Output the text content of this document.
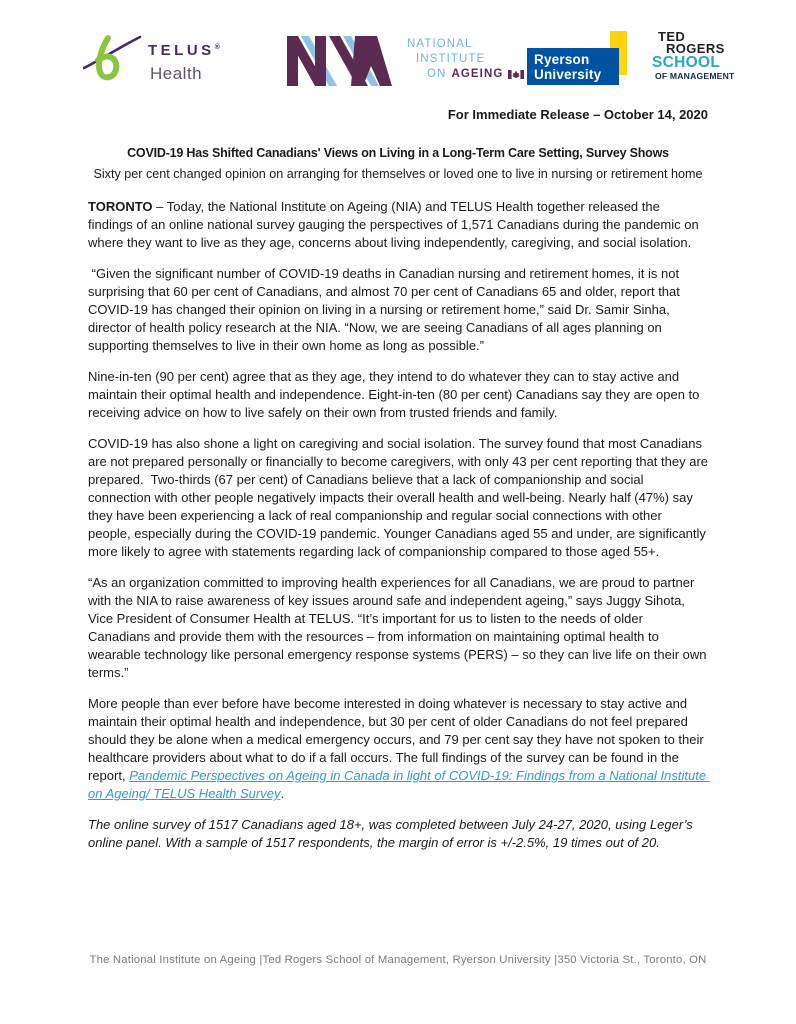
TELUS®
Health
NATIONAL
INSTITUTE
ON AGEING
Ryerson
University
TED
ROGERS
SCHOOL
OF MANAGEMENT

For Immediate Release – October 14, 2020

COVID-19 Has Shifted Canadians' Views on Living in a Long-Term Care Setting, Survey Shows
Sixty per cent changed opinion on arranging for themselves or loved one to live in nursing or retirement home

TORONTO – Today, the National Institute on Ageing (NIA) and TELUS Health together released the findings of an online national survey gauging the perspectives of 1,571 Canadians during the pandemic on where they want to live as they age, concerns about living independently, caregiving, and social isolation.

“Given the significant number of COVID-19 deaths in Canadian nursing and retirement homes, it is not surprising that 60 per cent of Canadians, and almost 70 per cent of Canadians 65 and older, report that COVID-19 has changed their opinion on living in a nursing or retirement home,” said Dr. Samir Sinha, director of health policy research at the NIA. “Now, we are seeing Canadians of all ages planning on supporting themselves to live in their own home as long as possible.”

Nine-in-ten (90 per cent) agree that as they age, they intend to do whatever they can to stay active and maintain their optimal health and independence. Eight-in-ten (80 per cent) Canadians say they are open to receiving advice on how to live safely on their own from trusted friends and family.

COVID-19 has also shone a light on caregiving and social isolation. The survey found that most Canadians are not prepared personally or financially to become caregivers, with only 43 per cent reporting that they are prepared.  Two-thirds (67 per cent) of Canadians believe that a lack of companionship and social connection with other people negatively impacts their overall health and well-being. Nearly half (47%) say they have been experiencing a lack of real companionship and regular social connections with other people, especially during the COVID-19 pandemic. Younger Canadians aged 55 and under, are significantly more likely to agree with statements regarding lack of companionship compared to those aged 55+.

“As an organization committed to improving health experiences for all Canadians, we are proud to partner with the NIA to raise awareness of key issues around safe and independent ageing,” says Juggy Sihota, Vice President of Consumer Health at TELUS. “It’s important for us to listen to the needs of older Canadians and provide them with the resources – from information on maintaining optimal health to wearable technology like personal emergency response systems (PERS) – so they can live life on their own terms.”

More people than ever before have become interested in doing whatever is necessary to stay active and maintain their optimal health and independence, but 30 per cent of older Canadians do not feel prepared should they be alone when a medical emergency occurs, and 79 per cent say they have not spoken to their healthcare providers about what to do if a fall occurs. The full findings of the survey can be found in the report, Pandemic Perspectives on Ageing in Canada in light of COVID-19: Findings from a National Institute on Ageing/ TELUS Health Survey.

The online survey of 1517 Canadians aged 18+, was completed between July 24-27, 2020, using Leger’s online panel. With a sample of 1517 respondents, the margin of error is +/-2.5%, 19 times out of 20.

The National Institute on Ageing |Ted Rogers School of Management, Ryerson University |350 Victoria St., Toronto, ON
